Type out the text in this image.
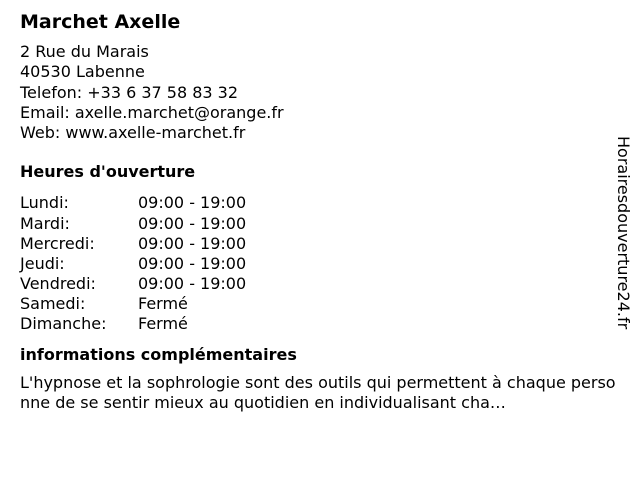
Marchet Axelle
2 Rue du Marais
40530 Labenne
Telefon: +33 6 37 58 83 32
Email: axelle.marchet@orange.fr
Web: www.axelle-marchet.fr
Heures d'ouverture
Lundi:	09:00 - 19:00
Mardi:	09:00 - 19:00
Mercredi:	09:00 - 19:00
Jeudi:	09:00 - 19:00
Vendredi:	09:00 - 19:00
Samedi:	Fermé
Dimanche:	Fermé
informations complémentaires
L'hypnose et la sophrologie sont des outils qui permettent à chaque personne de se sentir mieux au quotidien en individualisant cha…
Horairesdouverture24.fr
